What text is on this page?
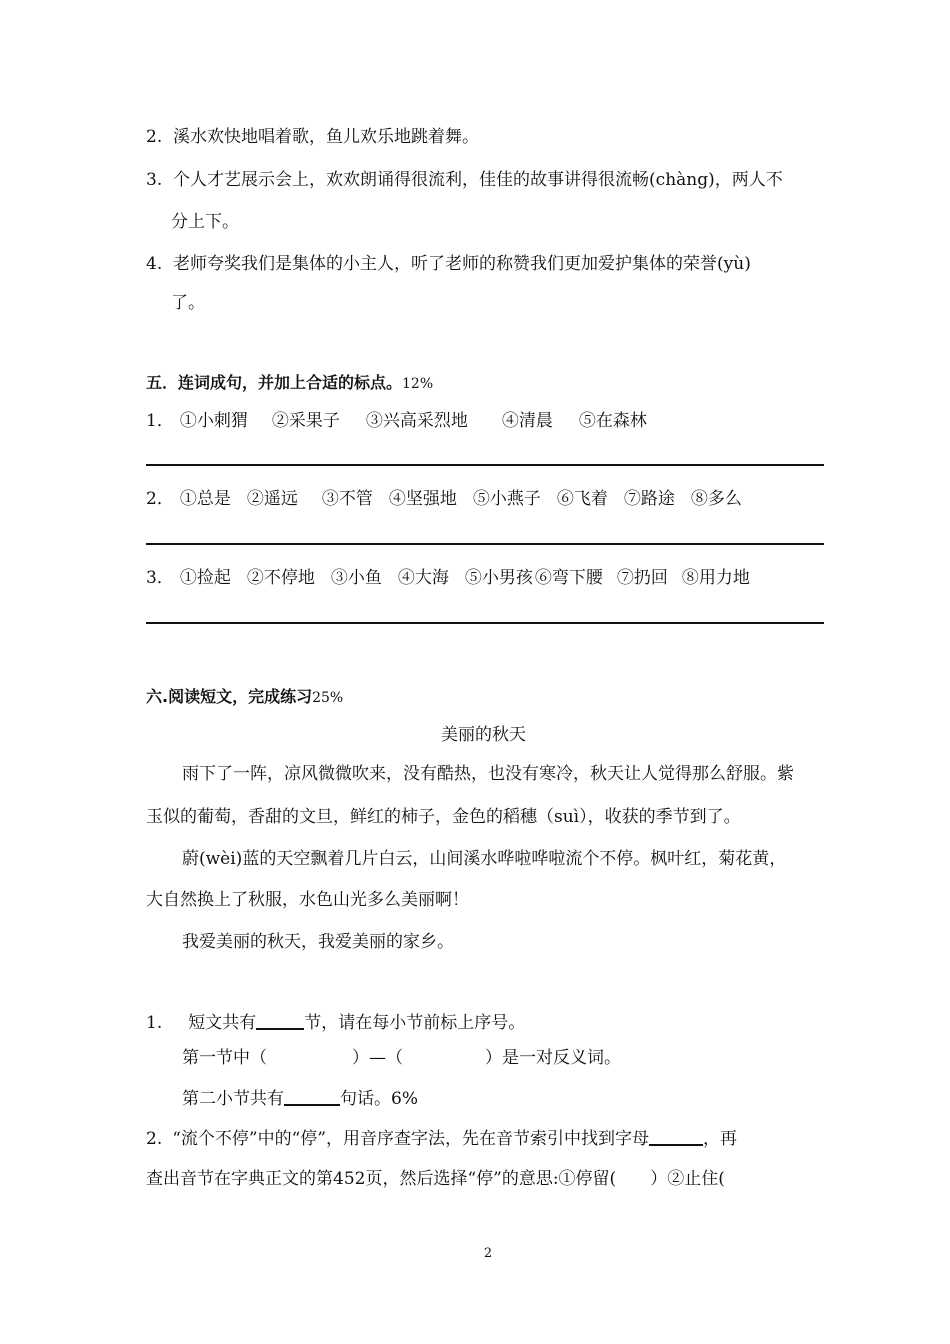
2. 溪水欢快地唱着歌，鱼儿欢乐地跳着舞。
3. 个人才艺展示会上，欢欢朗诵得很流利，佳佳的故事讲得很流畅(chàng)，两人不
分上下。
4. 老师夸奖我们是集体的小主人，听了老师的称赞我们更加爱护集体的荣誉(yù)
了。
五．连词成句，并加上合适的标点。12%
1． ①小刺猬 ②采果子 ③兴高采烈地 ④清晨 ⑤在森林
2． ①总是 ②遥远 ③不管 ④坚强地 ⑤小燕子 ⑥飞着 ⑦路途 ⑧多么
3． ①捡起 ②不停地 ③小鱼 ④大海 ⑤小男孩 ⑥弯下腰 ⑦扔回 ⑧用力地
六.阅读短文，完成练习25%
美丽的秋天
雨下了一阵，凉风微微吹来，没有酷热，也没有寒冷，秋天让人觉得那么舒服。紫
玉似的葡萄，香甜的文旦，鲜红的柿子，金色的稻穗（suì），收获的季节到了。
蔚(wèi)蓝的天空飘着几片白云，山间溪水哗啦哗啦流个不停。枫叶红，菊花黄，
大自然换上了秋服，水色山光多么美丽啊！
我爱美丽的秋天，我爱美丽的家乡。
1. 短文共有	节，请在每小节前标上序号。
第一节中（	）—（	）是一对反义词。
第二小节共有	句话。6%
2. “流个不停”中的“停”，用音序查字法，先在音节索引中找到字母	，再
查出音节在字典正文的第452页，然后选择“停”的意思:①停留(　　）②止住(
2
